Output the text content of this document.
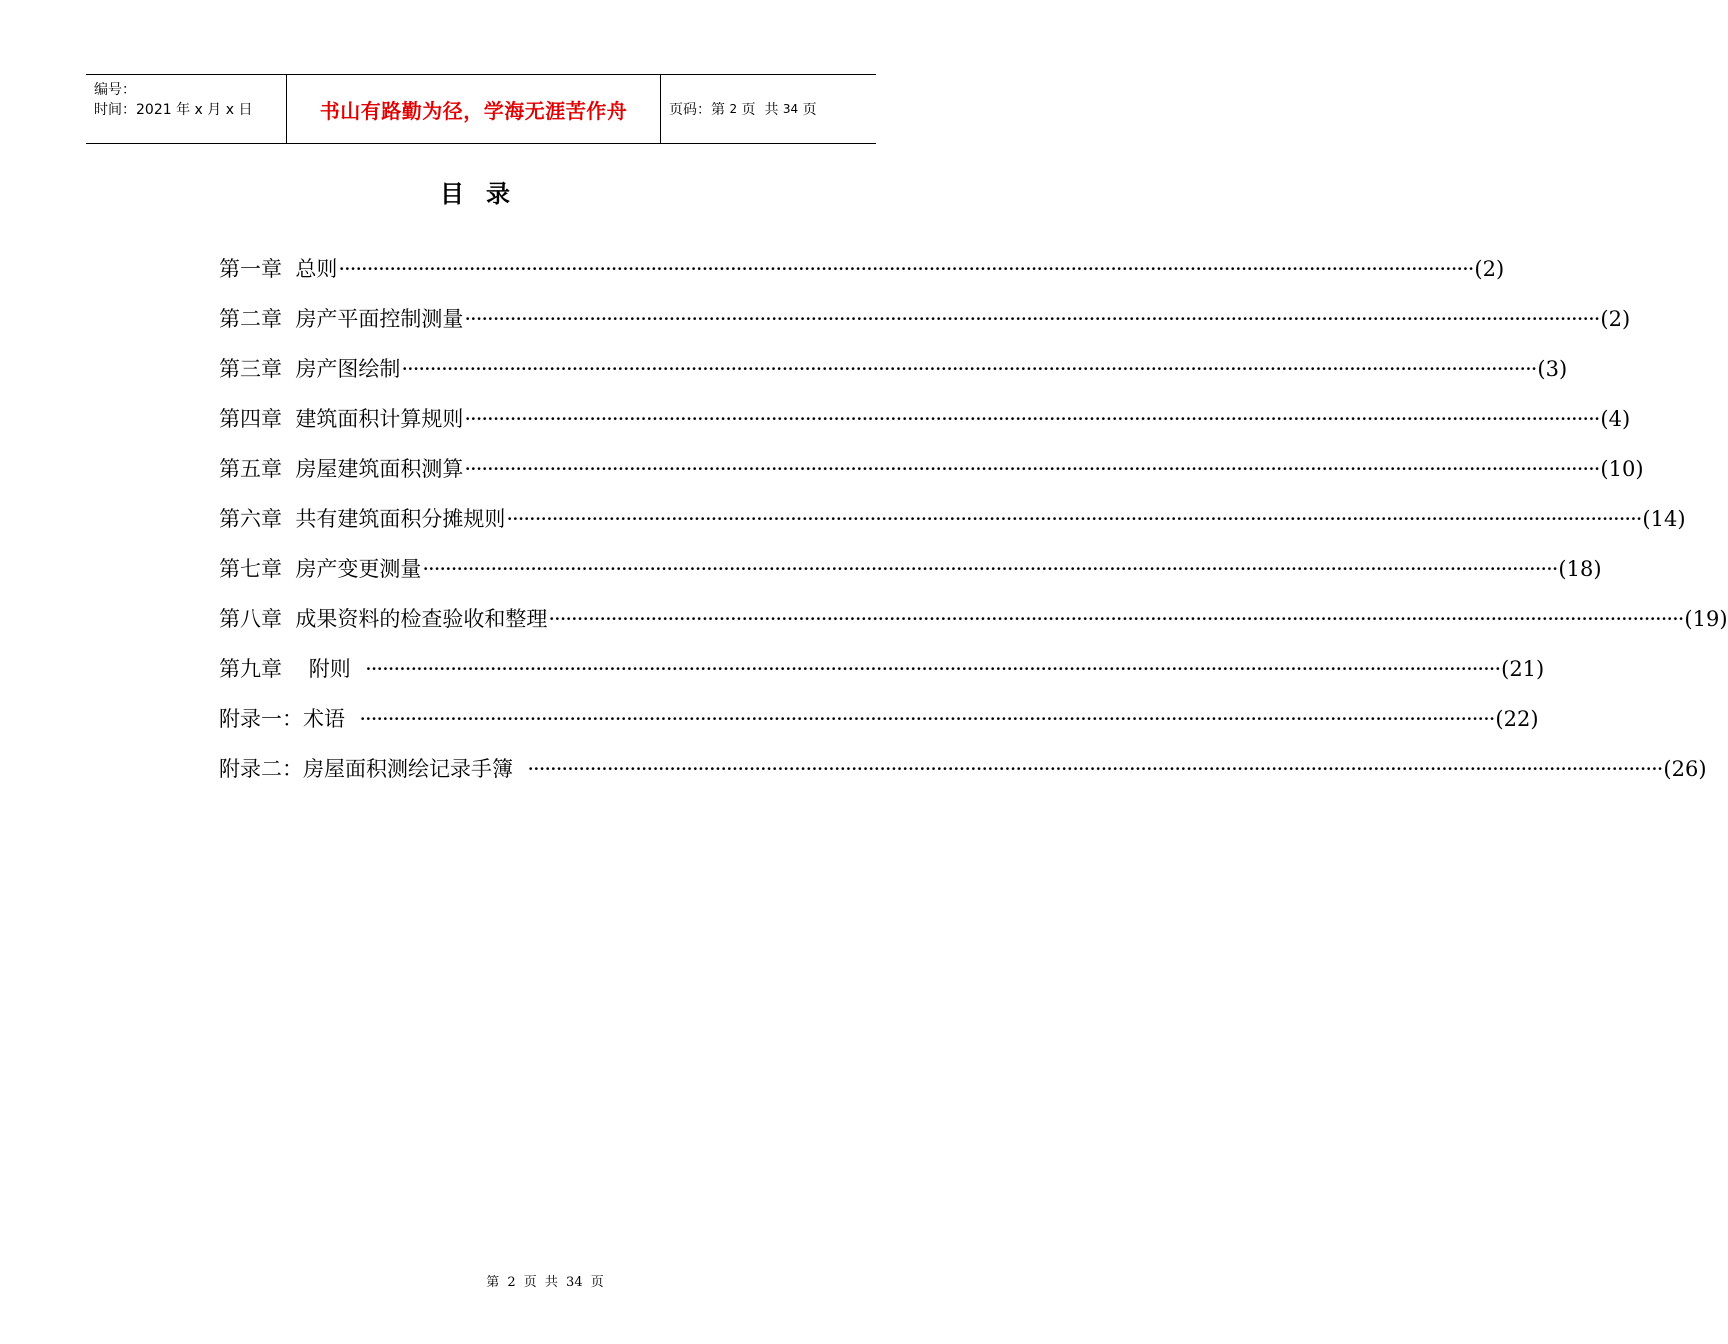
编号：
时间：2021 年 x 月 x 日	书山有路勤为径，学海无涯苦作舟	页码：第 2 页  共 34 页
目录
第一章  总则 ········································································································································································································ (2)
第二章  房产平面控制测量 ········································································································································································································ (2)
第三章  房产图绘制 ········································································································································································································ (3)
第四章  建筑面积计算规则 ········································································································································································································ (4)
第五章  房屋建筑面积测算 ········································································································································································································ (10)
第六章  共有建筑面积分摊规则 ········································································································································································································ (14)
第七章  房产变更测量 ········································································································································································································ (18)
第八章  成果资料的检查验收和整理 ········································································································································································································ (19)
第九章    附则 ········································································································································································································ (21)
附录一：术语 ········································································································································································································ (22)
附录二：房屋面积测绘记录手簿 ········································································································································································································ (26)
第 2 页 共 34 页
